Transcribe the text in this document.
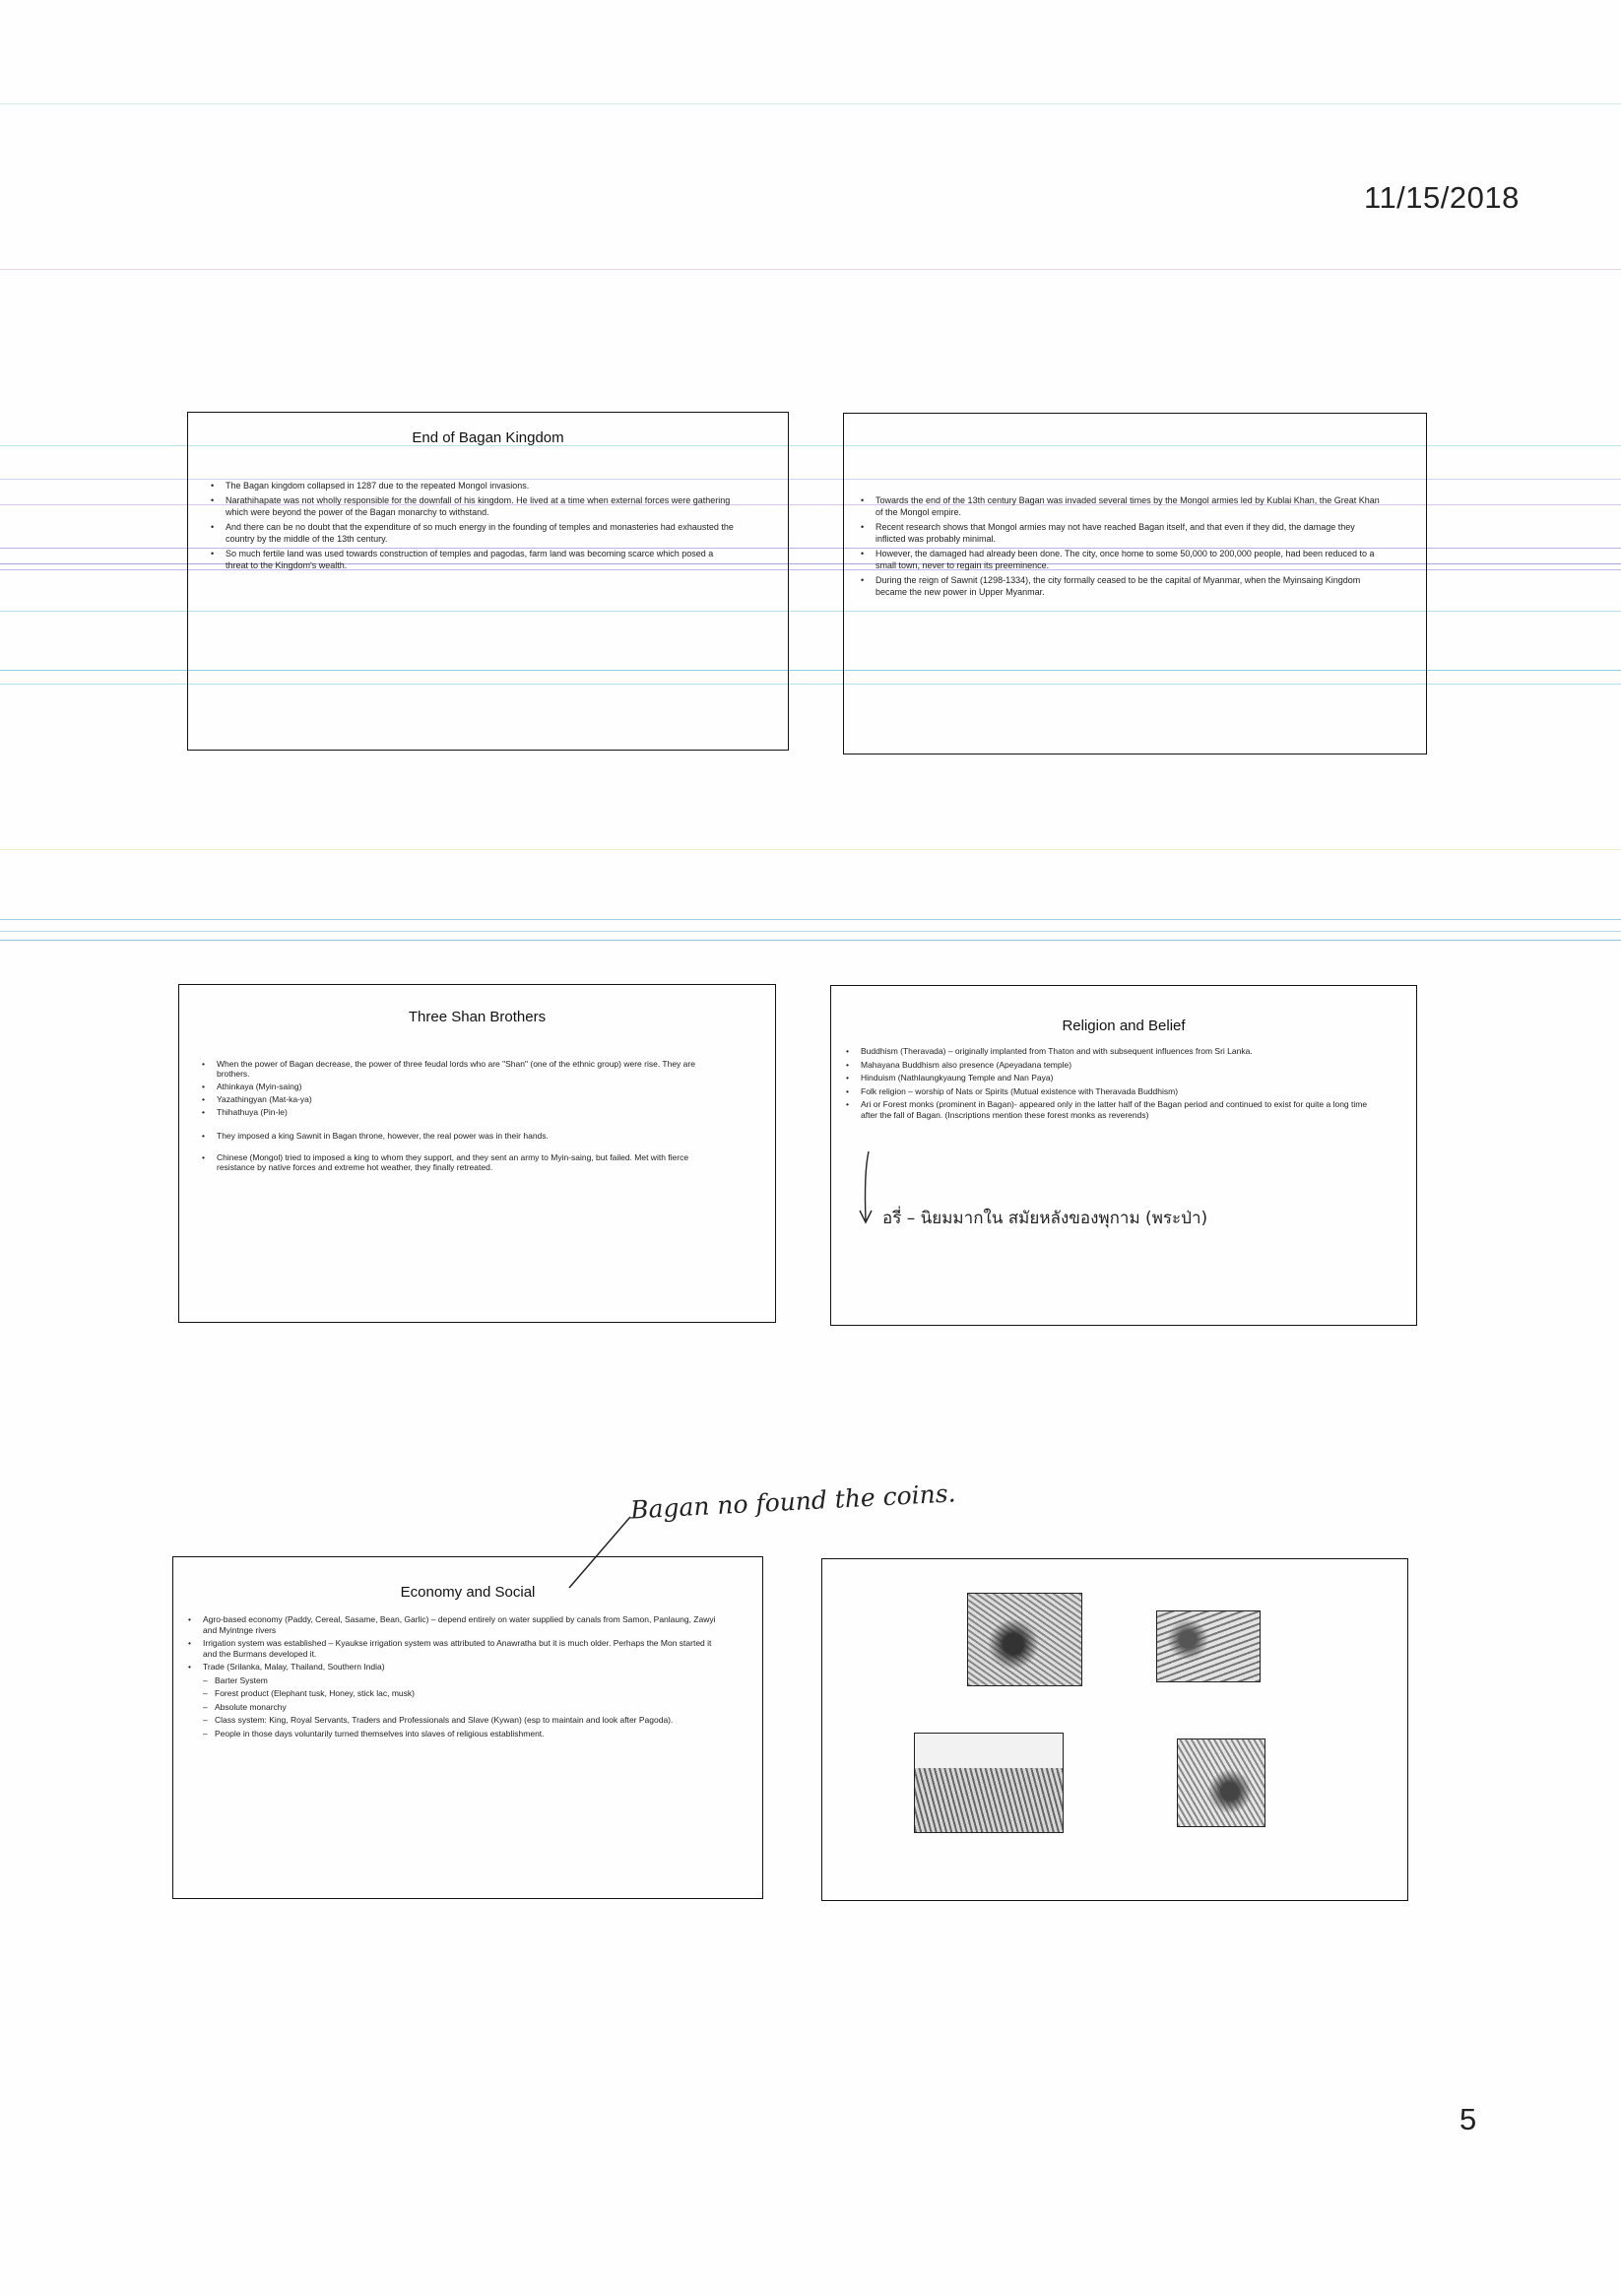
11/15/2018
End of Bagan Kingdom
• The Bagan kingdom collapsed in 1287 due to the repeated Mongol invasions.
• Narathihapate was not wholly responsible for the downfall of his kingdom. He lived at a time when external forces were gathering which were beyond the power of the Bagan monarchy to withstand.
• And there can be no doubt that the expenditure of so much energy in the founding of temples and monasteries had exhausted the country by the middle of the 13th century.
• So much fertile land was used towards construction of temples and pagodas, farm land was becoming scarce which posed a threat to the Kingdom's wealth.
• Towards the end of the 13th century Bagan was invaded several times by the Mongol armies led by Kublai Khan, the Great Khan of the Mongol empire.
• Recent research shows that Mongol armies may not have reached Bagan itself, and that even if they did, the damage they inflicted was probably minimal.
• However, the damaged had already been done. The city, once home to some 50,000 to 200,000 people, had been reduced to a small town, never to regain its preeminence.
• During the reign of Sawnit (1298-1334), the city formally ceased to be the capital of Myanmar, when the Myinsaing Kingdom became the new power in Upper Myanmar.
Three Shan Brothers
• When the power of Bagan decrease, the power of three feudal lords who are "Shan" (one of the ethnic group) were rise. They are brothers.
• Athinkaya (Myin-saing)
• Yazathingyan (Mat-ka-ya)
• Thihathuya (Pin-le)
• They imposed a king Sawnit in Bagan throne, however, the real power was in their hands.
• Chinese (Mongol) tried to imposed a king to whom they support, and they sent an army to Myin-saing, but failed. Met with fierce resistance by native forces and extreme hot weather, they finally retreated.
Religion and Belief
• Buddhism (Theravada) – originally implanted from Thaton and with subsequent influences from Sri Lanka.
• Mahayana Buddhism also presence (Apeyadana temple)
• Hinduism (Nathlaungkyaung Temple and Nan Paya)
• Folk religion – worship of Nats or Spirits (Mutual existence with Theravada Buddhism)
• Ari or Forest monks (prominent in Bagan)- appeared only in the latter half of the Bagan period and continued to exist for quite a long time after the fall of Bagan. (Inscriptions mention these forest monks as reverends)
อรี่ – นิยมมากใน สมัยหลังของพุกาม (พระป่า)
Bagan no found the coins.
Economy and Social
• Agro-based economy (Paddy, Cereal, Sasame, Bean, Garlic) – depend entirely on water supplied by canals from Samon, Panlaung, Zawyi and Myintnge rivers
• Irrigation system was established – Kyaukse irrigation system was attributed to Anawratha but it is much older. Perhaps the Mon started it and the Burmans developed it.
• Trade (Srilanka, Malay, Thailand, Southern India)
– Barter System
– Forest product (Elephant tusk, Honey, stick lac, musk)
– Absolute monarchy
– Class system: King, Royal Servants, Traders and Professionals and Slave (Kywan) (esp to maintain and look after Pagoda).
– People in those days voluntarily turned themselves into slaves of religious establishment.
5
